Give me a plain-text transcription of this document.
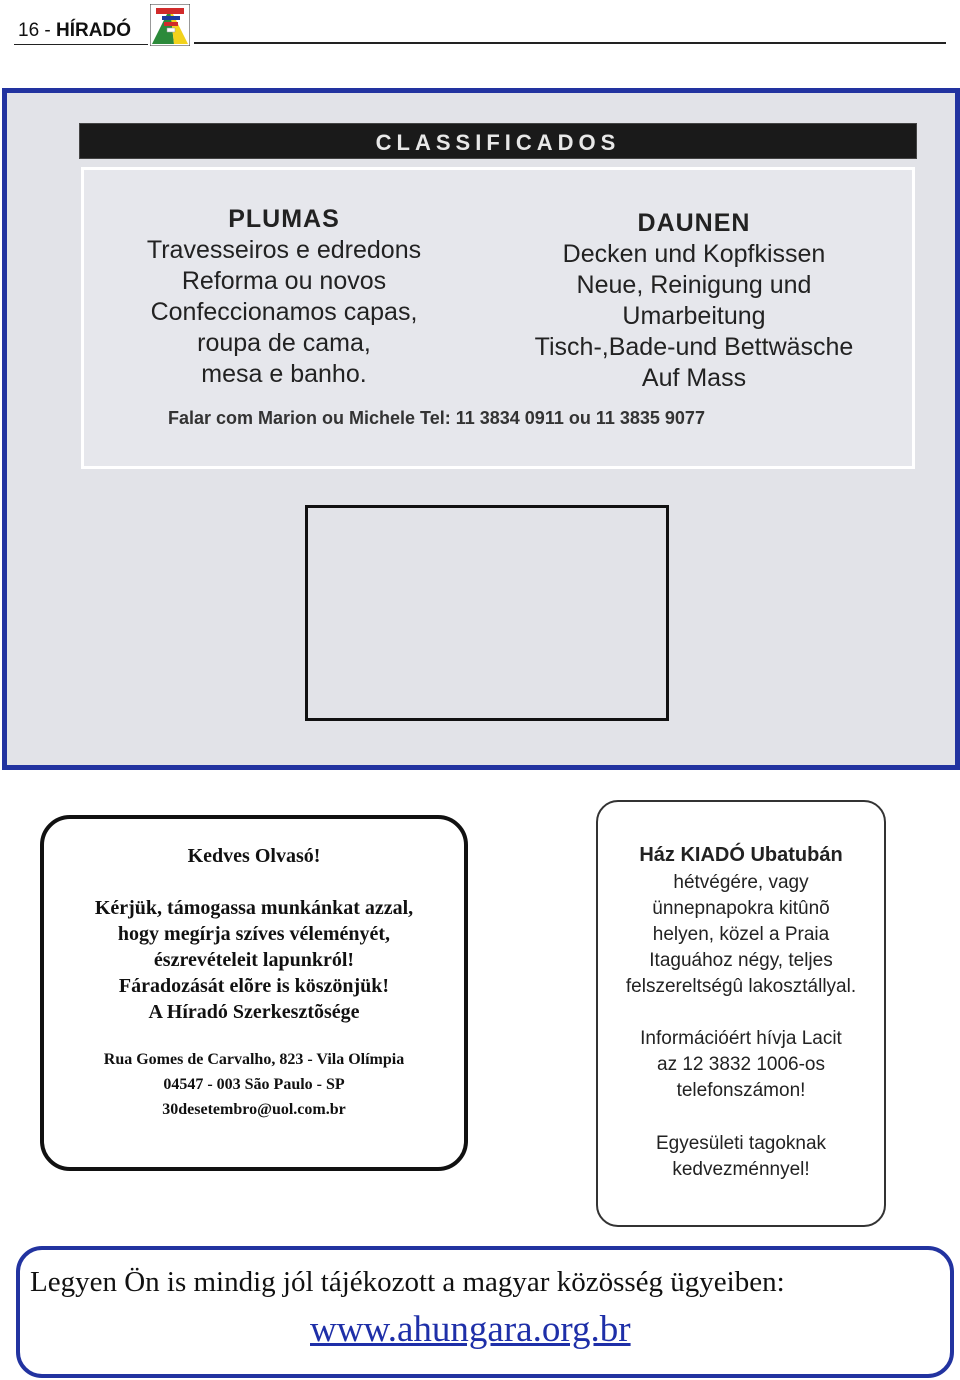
16 - HÍRADÓ
CLASSIFICADOS
PLUMAS
Travesseiros e edredons
Reforma ou novos
Confeccionamos capas,
roupa de cama,
mesa e banho.
DAUNEN
Decken und Kopfkissen
Neue, Reinigung und
Umarbeitung
Tisch-,Bade-und Bettwäsche
Auf Mass
Falar com Marion ou Michele Tel: 11 3834 0911 ou 11 3835 9077
Kedves Olvasó!
Kérjük, támogassa munkánkat azzal,
hogy megírja szíves véleményét,
észrevételeit lapunkról!
Fáradozását elõre is köszönjük!
A Híradó Szerkesztõsége
Rua Gomes de Carvalho, 823 - Vila Olímpia
04547 - 003 São Paulo - SP
30desetembro@uol.com.br
Ház KIADÓ Ubatubán
hétvégére, vagy
ünnepnapokra kitûnõ
helyen, közel a Praia
Itaguához négy, teljes
felszereltségû lakosztállyal.
Információért hívja Lacit
az 12 3832 1006-os
telefonszámon!
Egyesületi tagoknak
kedvezménnyel!
Legyen Ön is mindig jól tájékozott a magyar közösség ügyeiben:
www.ahungara.org.br
